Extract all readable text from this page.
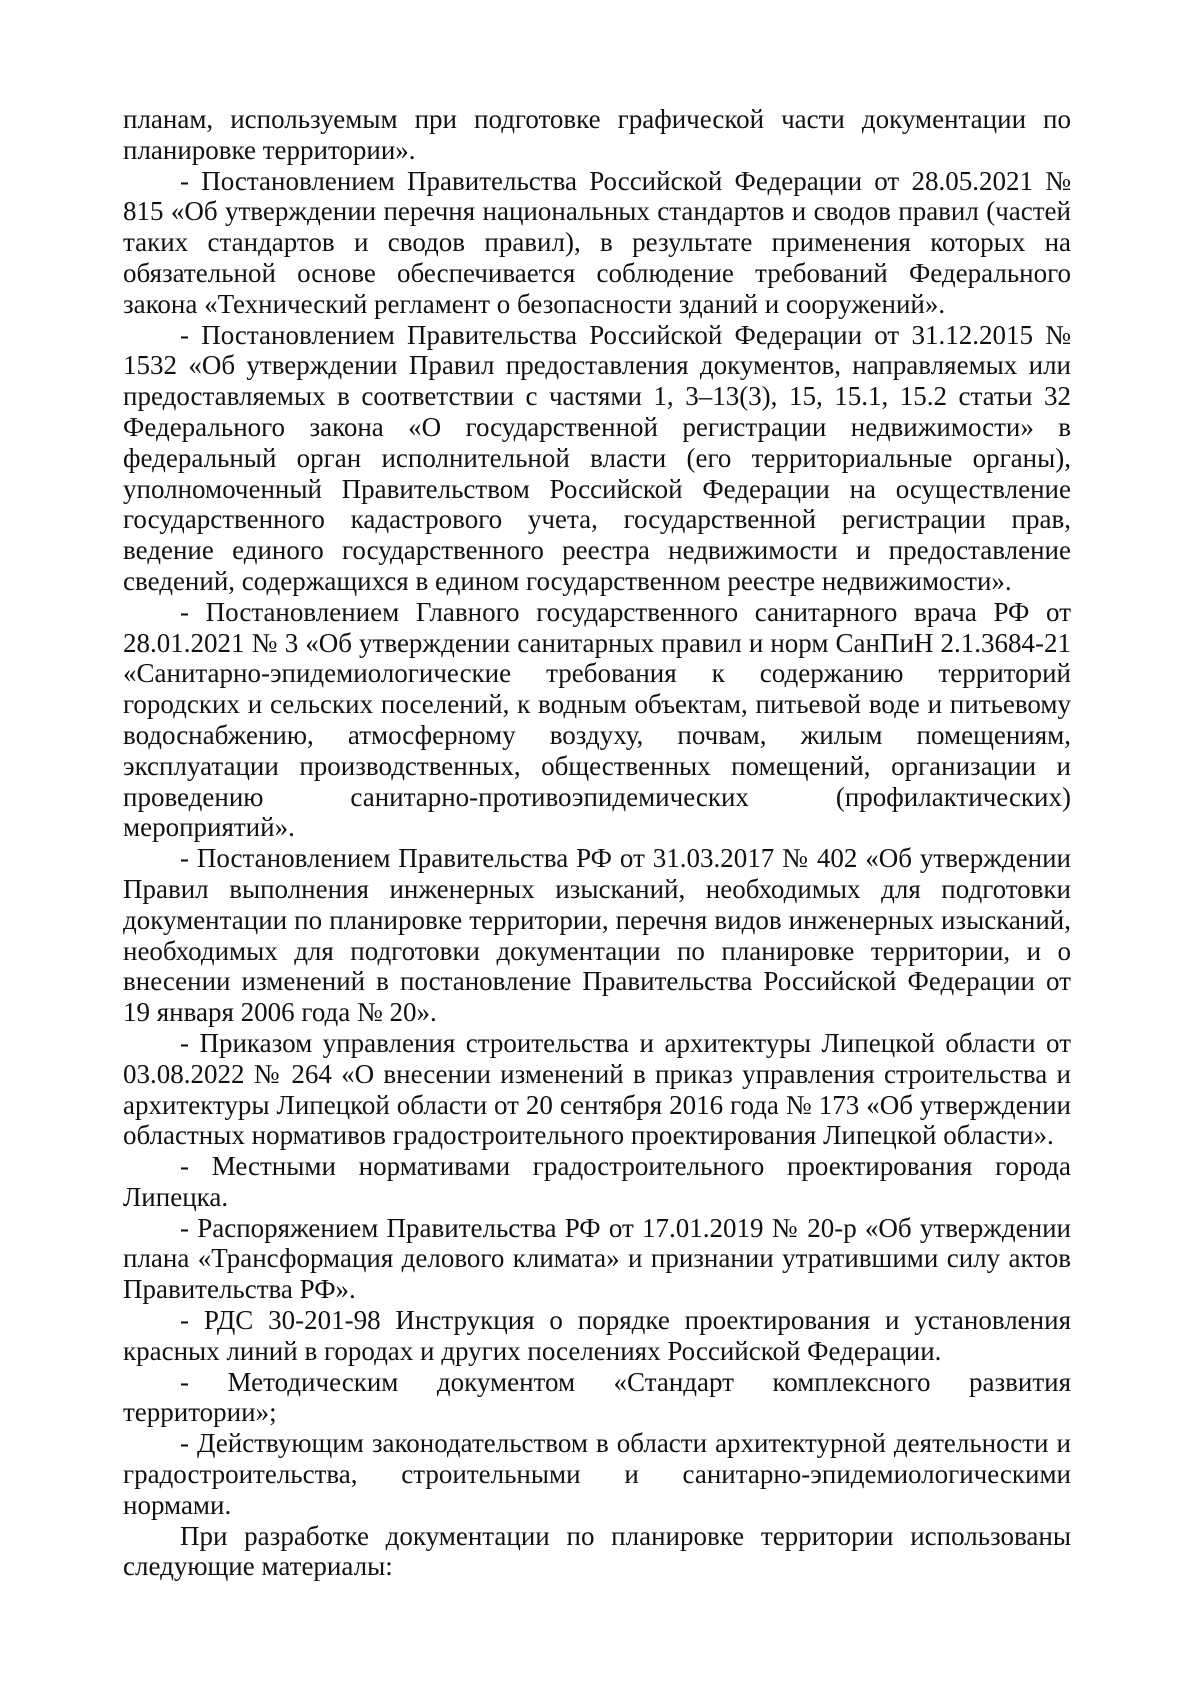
планам, используемым при подготовке графической части документации по планировке территории».

- Постановлением Правительства Российской Федерации от 28.05.2021 № 815 «Об утверждении перечня национальных стандартов и сводов правил (частей таких стандартов и сводов правил), в результате применения которых на обязательной основе обеспечивается соблюдение требований Федерального закона «Технический регламент о безопасности зданий и сооружений».

- Постановлением Правительства Российской Федерации от 31.12.2015 № 1532 «Об утверждении Правил предоставления документов, направляемых или предоставляемых в соответствии с частями 1, 3–13(3), 15, 15.1, 15.2 статьи 32 Федерального закона «О государственной регистрации недвижимости» в федеральный орган исполнительной власти (его территориальные органы), уполномоченный Правительством Российской Федерации на осуществление государственного кадастрового учета, государственной регистрации прав, ведение единого государственного реестра недвижимости и предоставление сведений, содержащихся в едином государственном реестре недвижимости».

- Постановлением Главного государственного санитарного врача РФ от 28.01.2021 № 3 «Об утверждении санитарных правил и норм СанПиН 2.1.3684-21 «Санитарно-эпидемиологические требования к содержанию территорий городских и сельских поселений, к водным объектам, питьевой воде и питьевому водоснабжению, атмосферному воздуху, почвам, жилым помещениям, эксплуатации производственных, общественных помещений, организации и проведению санитарно-противоэпидемических (профилактических) мероприятий».

- Постановлением Правительства РФ от 31.03.2017 № 402 «Об утверждении Правил выполнения инженерных изысканий, необходимых для подготовки документации по планировке территории, перечня видов инженерных изысканий, необходимых для подготовки документации по планировке территории, и о внесении изменений в постановление Правительства Российской Федерации от 19 января 2006 года № 20».

- Приказом управления строительства и архитектуры Липецкой области от 03.08.2022 № 264 «О внесении изменений в приказ управления строительства и архитектуры Липецкой области от 20 сентября 2016 года № 173 «Об утверждении областных нормативов градостроительного проектирования Липецкой области».

- Местными нормативами градостроительного проектирования города Липецка.

- Распоряжением Правительства РФ от 17.01.2019 № 20-р «Об утверждении плана «Трансформация делового климата» и признании утратившими силу актов Правительства РФ».

- РДС 30-201-98 Инструкция о порядке проектирования и установления красных линий в городах и других поселениях Российской Федерации.

- Методическим документом «Стандарт комплексного развития территории»;

- Действующим законодательством в области архитектурной деятельности и градостроительства, строительными и санитарно-эпидемиологическими нормами.

При разработке документации по планировке территории использованы следующие материалы:
